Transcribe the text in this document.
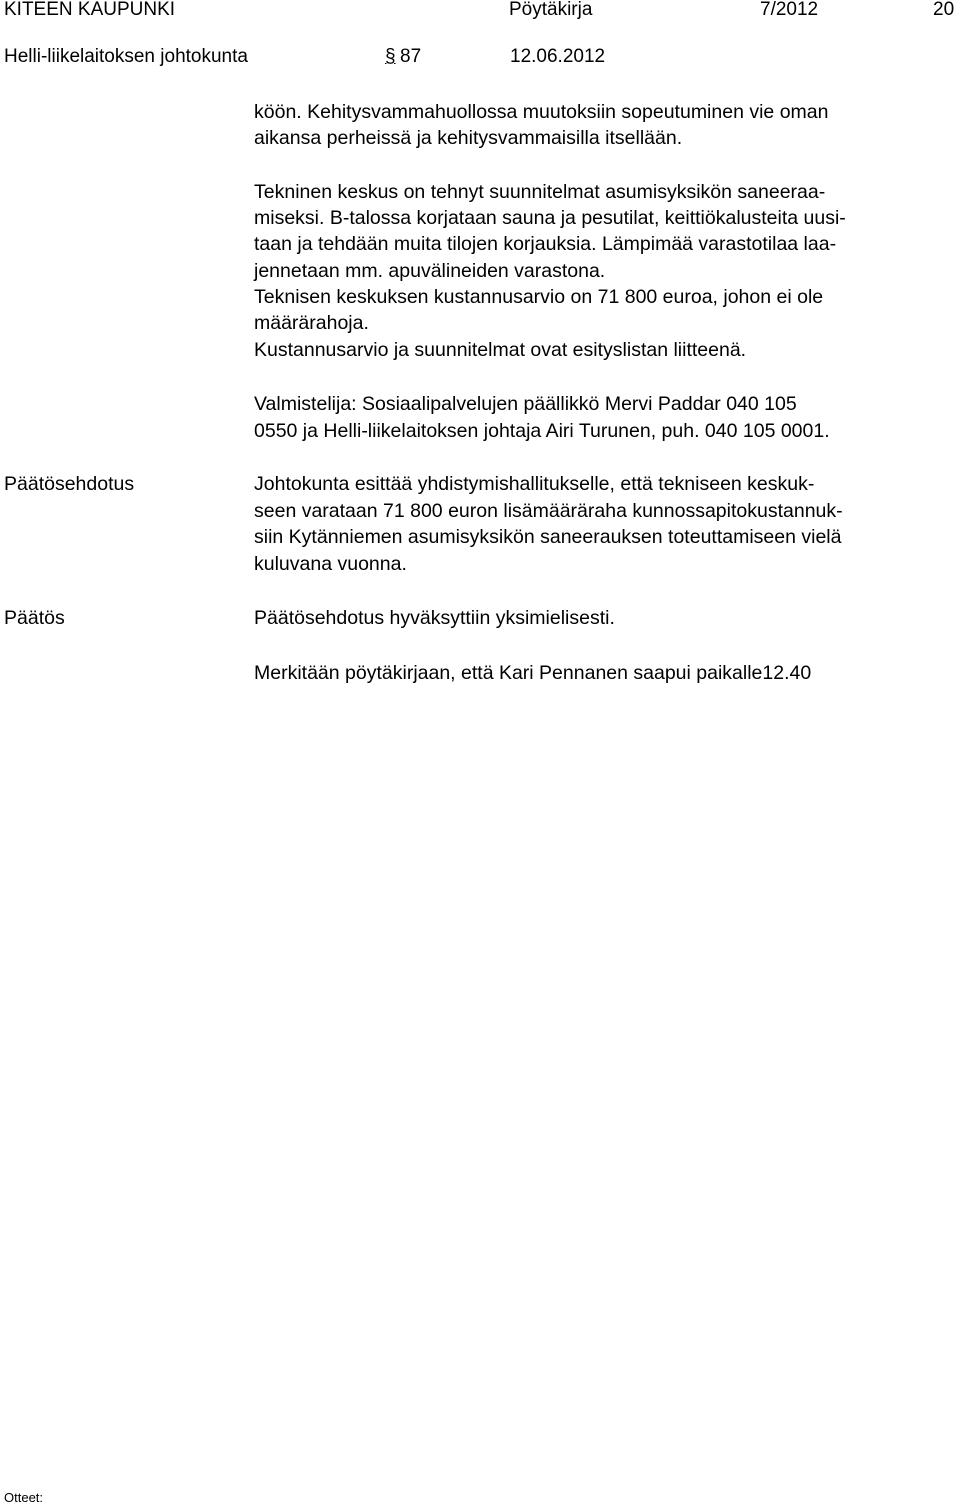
KITEEN KAUPUNKI	Pöytäkirja	7/2012	20
Helli-liikelaitoksen johtokunta	§ 87	12.06.2012
köön. Kehitysvammahuollossa muutoksiin sopeutuminen vie oman
aikansa perheissä ja kehitysvammaisilla itsellään.
Tekninen keskus on tehnyt suunnitelmat asumisyksikön saneeraa-
miseksi. B-talossa korjataan sauna ja pesutilat, keittiökalusteita uusi-
taan ja tehdään muita tilojen korjauksia. Lämpimää varastotilaa laa-
jennetaan mm. apuvälineiden varastona.
Teknisen keskuksen kustannusarvio on 71 800 euroa, johon ei ole
määrärahoja.
Kustannusarvio ja suunnitelmat ovat esityslistan liitteenä.
Valmistelija: Sosiaalipalvelujen päällikkö Mervi Paddar 040 105
0550 ja Helli-liikelaitoksen johtaja Airi Turunen, puh. 040 105 0001.
Päätösehdotus	Johtokunta esittää yhdistymishallitukselle, että tekniseen keskuk-
seen varataan 71 800 euron lisämääräraha kunnossapitokustannuk-
siin Kytänniemen asumisyksikön saneerauksen toteuttamiseen vielä
kuluvana vuonna.
Päätös	Päätösehdotus hyväksyttiin yksimielisesti.
Merkitään pöytäkirjaan, että Kari Pennanen saapui paikalle12.40
Otteet:
